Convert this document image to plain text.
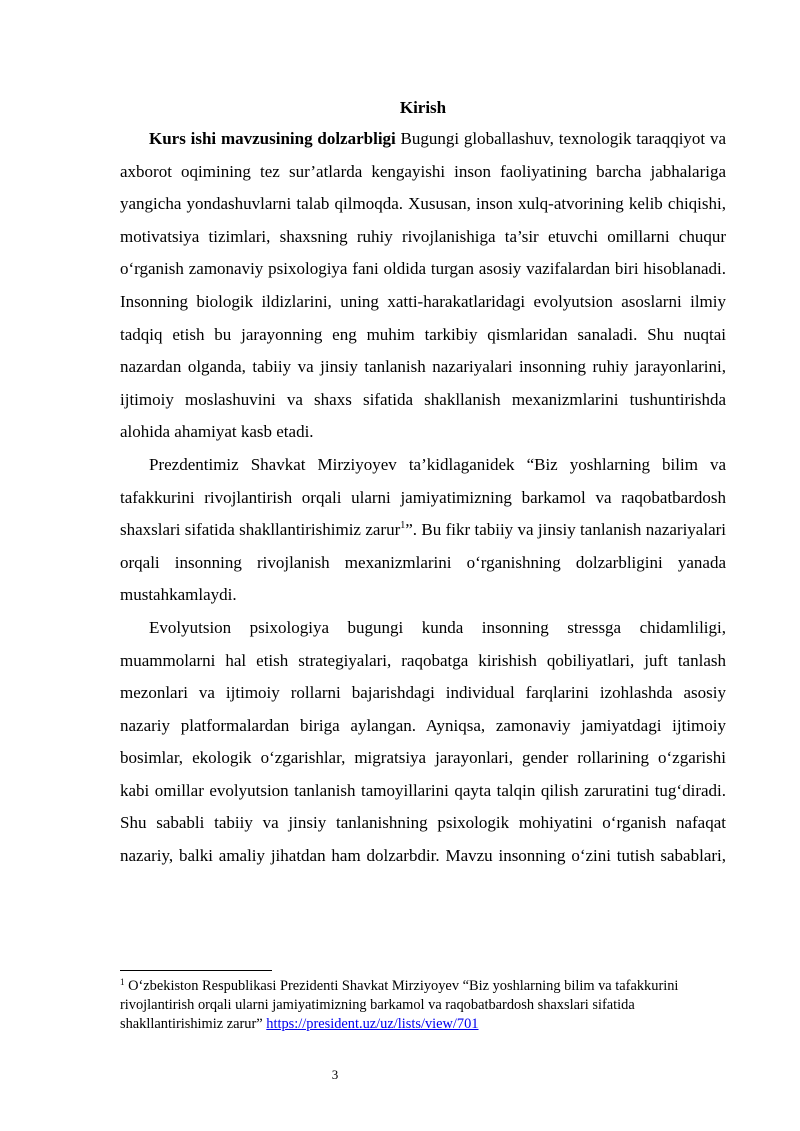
Kirish

Kurs ishi mavzusining dolzarbligi Bugungi globallashuv, texnologik taraqqiyot va axborot oqimining tez sur’atlarda kengayishi inson faoliyatining barcha jabhalariga yangicha yondashuvlarni talab qilmoqda. Xususan, inson xulq-atvorining kelib chiqishi, motivatsiya tizimlari, shaxsning ruhiy rivojlanishiga ta’sir etuvchi omillarni chuqur o‘rganish zamonaviy psixologiya fani oldida turgan asosiy vazifalardan biri hisoblanadi. Insonning biologik ildizlarini, uning xatti-harakatlaridagi evolyutsion asoslarni ilmiy tadqiq etish bu jarayonning eng muhim tarkibiy qismlaridan sanaladi. Shu nuqtai nazardan olganda, tabiiy va jinsiy tanlanish nazariyalari insonning ruhiy jarayonlarini, ijtimoiy moslashuvini va shaxs sifatida shakllanish mexanizmlarini tushuntirishda alohida ahamiyat kasb etadi.

Prezdentimiz Shavkat Mirziyoyev ta’kidlaganidek “Biz yoshlarning bilim va tafakkurini rivojlantirish orqali ularni jamiyatimizning barkamol va raqobatbardosh shaxslari sifatida shakllantirishimiz zarur$^1$”. Bu fikr tabiiy va jinsiy tanlanish nazariyalari orqali insonning rivojlanish mexanizmlarini o‘rganishning dolzarbligini yanada mustahkamlaydi.

Evolyutsion psixologiya bugungi kunda insonning stressga chidamliligi, muammolarni hal etish strategiyalari, raqobatga kirishish qobiliyatlari, juft tanlash mezonlari va ijtimoiy rollarni bajarishdagi individual farqlarini izohlashda asosiy nazariy platformalardan biriga aylangan. Ayniqsa, zamonaviy jamiyatdagi ijtimoiy bosimlar, ekologik o‘zgarishlar, migratsiya jarayonlari, gender rollarining o‘zgarishi kabi omillar evolyutsion tanlanish tamoyillarini qayta talqin qilish zaruratini tug‘diradi. Shu sababli tabiiy va jinsiy tanlanishning psixologik mohiyatini o‘rganish nafaqat nazariy, balki amaliy jihatdan ham dolzarbdir. Mavzu insonning o‘zini tutish sabablari,

$^1$ O‘zbekiston Respublikasi Prezidenti Shavkat Mirziyoyev “Biz yoshlarning bilim va tafakkurini rivojlantirish orqali ularni jamiyatimizning barkamol va raqobatbardosh shaxslari sifatida shakllantirishimiz zarur” https://president.uz/uz/lists/view/701
3
